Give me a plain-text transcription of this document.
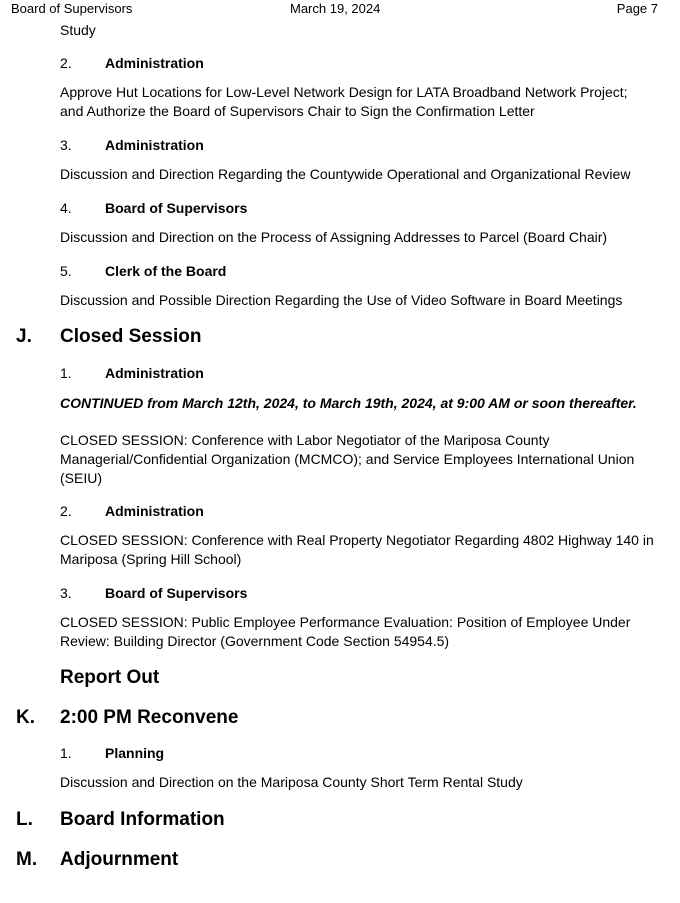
Board of Supervisors	March 19, 2024	Page 7
Study
2. Administration
Approve Hut Locations for Low-Level Network Design for LATA Broadband Network Project;
and Authorize the Board of Supervisors Chair to Sign the Confirmation Letter
3. Administration
Discussion and Direction Regarding the Countywide Operational and Organizational Review
4. Board of Supervisors
Discussion and Direction on the Process of Assigning Addresses to Parcel (Board Chair)
5. Clerk of the Board
Discussion and Possible Direction Regarding the Use of Video Software in Board Meetings
J. Closed Session
1. Administration
CONTINUED from March 12th, 2024, to March 19th, 2024, at 9:00 AM or soon thereafter.
CLOSED SESSION: Conference with Labor Negotiator of the Mariposa County
Managerial/Confidential Organization (MCMCO); and Service Employees International Union
(SEIU)
2. Administration
CLOSED SESSION: Conference with Real Property Negotiator Regarding 4802 Highway 140 in
Mariposa (Spring Hill School)
3. Board of Supervisors
CLOSED SESSION: Public Employee Performance Evaluation: Position of Employee Under
Review: Building Director (Government Code Section 54954.5)
Report Out
K. 2:00 PM Reconvene
1. Planning
Discussion and Direction on the Mariposa County Short Term Rental Study
L. Board Information
M. Adjournment
